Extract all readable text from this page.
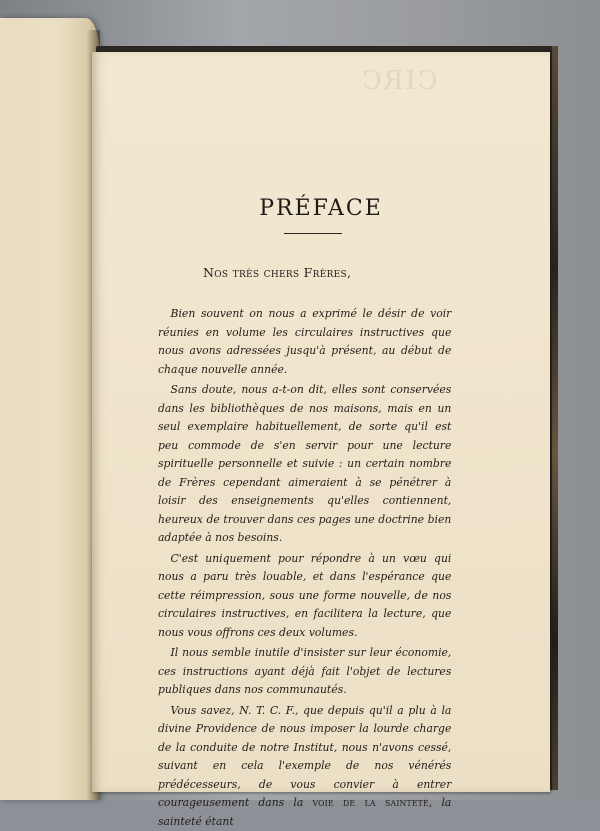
CIRC
PRÉFACE
Nos très chers Frères,

Bien souvent on nous a exprimé le désir de voir réunies en volume les circulaires instructives que nous avons adressées jusqu'à présent, au début de chaque nouvelle année.

Sans doute, nous a-t-on dit, elles sont conservées dans les bibliothèques de nos maisons, mais en un seul exemplaire habituellement, de sorte qu'il est peu commode de s'en servir pour une lecture spirituelle personnelle et suivie : un certain nombre de Frères cependant aimeraient à se pénétrer à loisir des enseignements qu'elles contiennent, heureux de trouver dans ces pages une doctrine bien adaptée à nos besoins.

C'est uniquement pour répondre à un vœu qui nous a paru très louable, et dans l'espérance que cette réimpression, sous une forme nouvelle, de nos circulaires instructives, en facilitera la lecture, que nous vous offrons ces deux volumes.

Il nous semble inutile d'insister sur leur économie, ces instructions ayant déjà fait l'objet de lectures publiques dans nos communautés.

Vous savez, N. T. C. F., que depuis qu'il a plu à la divine Providence de nous imposer la lourde charge de la conduite de notre Institut, nous n'avons cessé, suivant en cela l'exemple de nos vénérés prédécesseurs, de vous convier à entrer courageusement dans la voie de la sainteté, la sainteté étant
